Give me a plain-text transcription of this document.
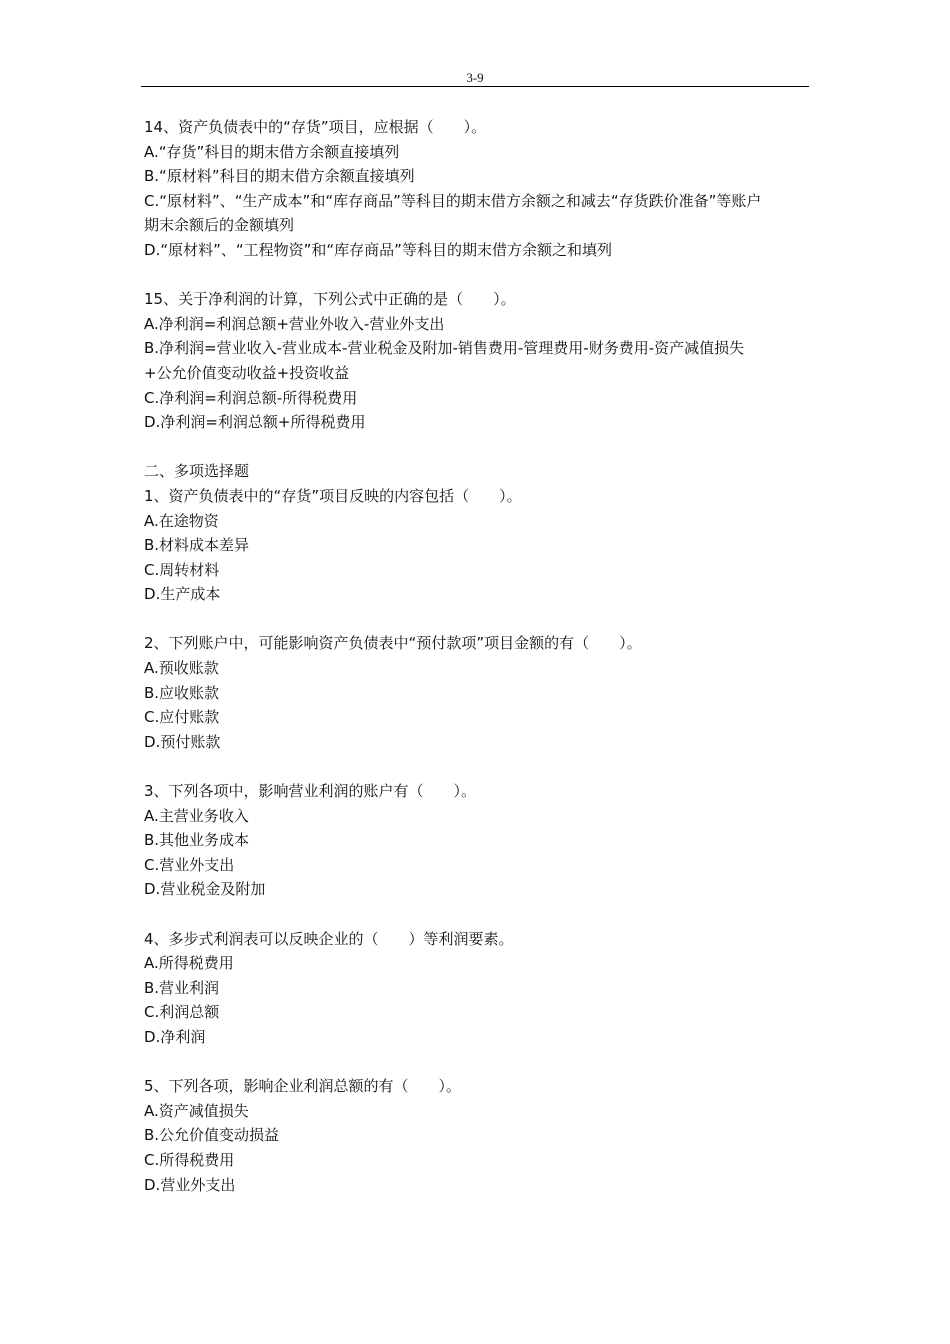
3-9
14、资产负债表中的“存货”项目，应根据（　　）。
A.“存货”科目的期末借方余额直接填列
B.“原材料”科目的期末借方余额直接填列
C.“原材料”、“生产成本”和“库存商品”等科目的期末借方余额之和减去“存货跌价准备”等账户
期末余额后的金额填列
D.“原材料”、“工程物资”和“库存商品”等科目的期末借方余额之和填列
15、关于净利润的计算，下列公式中正确的是（　　）。
A.净利润=利润总额+营业外收入-营业外支出
B.净利润=营业收入-营业成本-营业税金及附加-销售费用-管理费用-财务费用-资产减值损失
+公允价值变动收益+投资收益
C.净利润=利润总额-所得税费用
D.净利润=利润总额+所得税费用
二、多项选择题
1、资产负债表中的“存货”项目反映的内容包括（　　）。
A.在途物资
B.材料成本差异
C.周转材料
D.生产成本
2、下列账户中，可能影响资产负债表中“预付款项”项目金额的有（　　）。
A.预收账款
B.应收账款
C.应付账款
D.预付账款
3、下列各项中，影响营业利润的账户有（　　）。
A.主营业务收入
B.其他业务成本
C.营业外支出
D.营业税金及附加
4、多步式利润表可以反映企业的（　　）等利润要素。
A.所得税费用
B.营业利润
C.利润总额
D.净利润
5、下列各项，影响企业利润总额的有（　　）。
A.资产减值损失
B.公允价值变动损益
C.所得税费用
D.营业外支出
